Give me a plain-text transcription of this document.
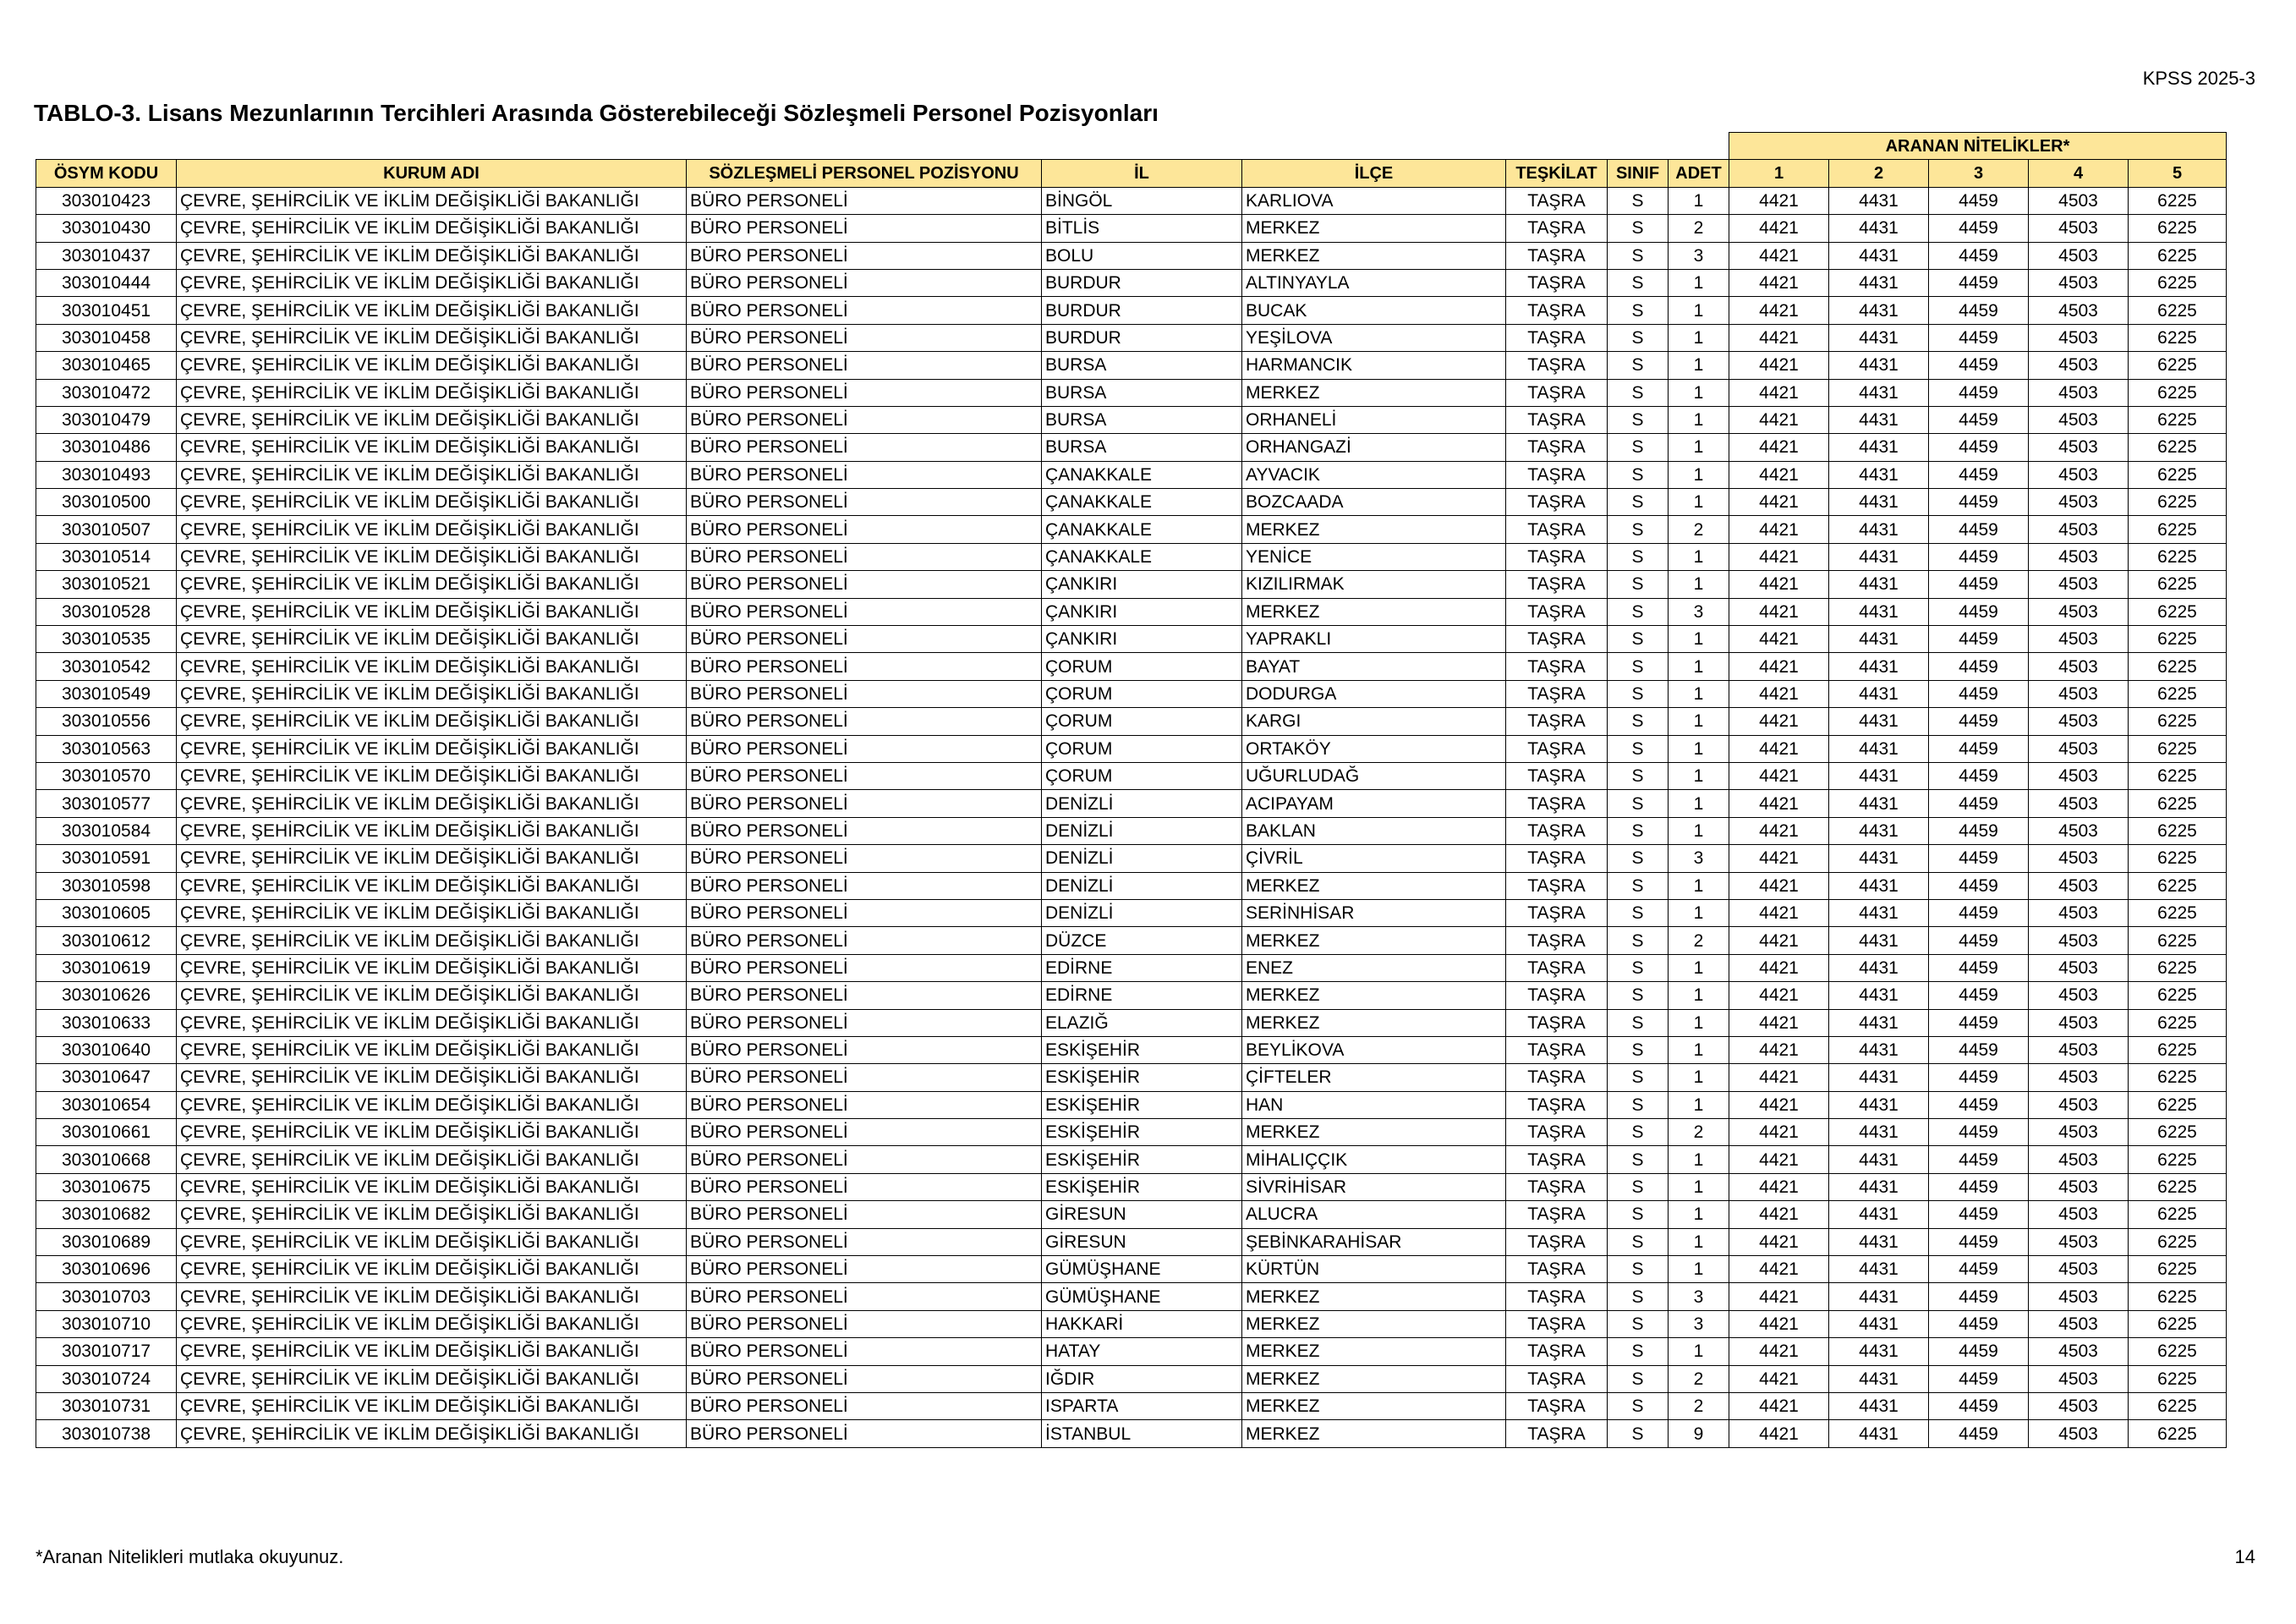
KPSS 2025-3
TABLO-3. Lisans Mezunlarının Tercihleri Arasında Gösterebileceği Sözleşmeli Personel Pozisyonları
								ARANAN NİTELİKLER*				
ÖSYM KODU	KURUM ADI	SÖZLEŞMELİ PERSONEL POZİSYONU	İL	İLÇE	TEŞKİLAT	SINIF	ADET	1	2	3	4	5
303010423	ÇEVRE, ŞEHİRCİLİK VE İKLİM DEĞİŞİKLİĞİ BAKANLIĞI	BÜRO PERSONELİ	BİNGÖL	KARLIOVA	TAŞRA	S	1	4421	4431	4459	4503	6225
303010430	ÇEVRE, ŞEHİRCİLİK VE İKLİM DEĞİŞİKLİĞİ BAKANLIĞI	BÜRO PERSONELİ	BİTLİS	MERKEZ	TAŞRA	S	2	4421	4431	4459	4503	6225
303010437	ÇEVRE, ŞEHİRCİLİK VE İKLİM DEĞİŞİKLİĞİ BAKANLIĞI	BÜRO PERSONELİ	BOLU	MERKEZ	TAŞRA	S	3	4421	4431	4459	4503	6225
303010444	ÇEVRE, ŞEHİRCİLİK VE İKLİM DEĞİŞİKLİĞİ BAKANLIĞI	BÜRO PERSONELİ	BURDUR	ALTINYAYLA	TAŞRA	S	1	4421	4431	4459	4503	6225
303010451	ÇEVRE, ŞEHİRCİLİK VE İKLİM DEĞİŞİKLİĞİ BAKANLIĞI	BÜRO PERSONELİ	BURDUR	BUCAK	TAŞRA	S	1	4421	4431	4459	4503	6225
303010458	ÇEVRE, ŞEHİRCİLİK VE İKLİM DEĞİŞİKLİĞİ BAKANLIĞI	BÜRO PERSONELİ	BURDUR	YEŞİLOVA	TAŞRA	S	1	4421	4431	4459	4503	6225
303010465	ÇEVRE, ŞEHİRCİLİK VE İKLİM DEĞİŞİKLİĞİ BAKANLIĞI	BÜRO PERSONELİ	BURSA	HARMANCIK	TAŞRA	S	1	4421	4431	4459	4503	6225
303010472	ÇEVRE, ŞEHİRCİLİK VE İKLİM DEĞİŞİKLİĞİ BAKANLIĞI	BÜRO PERSONELİ	BURSA	MERKEZ	TAŞRA	S	1	4421	4431	4459	4503	6225
303010479	ÇEVRE, ŞEHİRCİLİK VE İKLİM DEĞİŞİKLİĞİ BAKANLIĞI	BÜRO PERSONELİ	BURSA	ORHANELİ	TAŞRA	S	1	4421	4431	4459	4503	6225
303010486	ÇEVRE, ŞEHİRCİLİK VE İKLİM DEĞİŞİKLİĞİ BAKANLIĞI	BÜRO PERSONELİ	BURSA	ORHANGAZİ	TAŞRA	S	1	4421	4431	4459	4503	6225
303010493	ÇEVRE, ŞEHİRCİLİK VE İKLİM DEĞİŞİKLİĞİ BAKANLIĞI	BÜRO PERSONELİ	ÇANAKKALE	AYVACIK	TAŞRA	S	1	4421	4431	4459	4503	6225
303010500	ÇEVRE, ŞEHİRCİLİK VE İKLİM DEĞİŞİKLİĞİ BAKANLIĞI	BÜRO PERSONELİ	ÇANAKKALE	BOZCAADA	TAŞRA	S	1	4421	4431	4459	4503	6225
303010507	ÇEVRE, ŞEHİRCİLİK VE İKLİM DEĞİŞİKLİĞİ BAKANLIĞI	BÜRO PERSONELİ	ÇANAKKALE	MERKEZ	TAŞRA	S	2	4421	4431	4459	4503	6225
303010514	ÇEVRE, ŞEHİRCİLİK VE İKLİM DEĞİŞİKLİĞİ BAKANLIĞI	BÜRO PERSONELİ	ÇANAKKALE	YENİCE	TAŞRA	S	1	4421	4431	4459	4503	6225
303010521	ÇEVRE, ŞEHİRCİLİK VE İKLİM DEĞİŞİKLİĞİ BAKANLIĞI	BÜRO PERSONELİ	ÇANKIRI	KIZILIRMAK	TAŞRA	S	1	4421	4431	4459	4503	6225
303010528	ÇEVRE, ŞEHİRCİLİK VE İKLİM DEĞİŞİKLİĞİ BAKANLIĞI	BÜRO PERSONELİ	ÇANKIRI	MERKEZ	TAŞRA	S	3	4421	4431	4459	4503	6225
303010535	ÇEVRE, ŞEHİRCİLİK VE İKLİM DEĞİŞİKLİĞİ BAKANLIĞI	BÜRO PERSONELİ	ÇANKIRI	YAPRAKLI	TAŞRA	S	1	4421	4431	4459	4503	6225
303010542	ÇEVRE, ŞEHİRCİLİK VE İKLİM DEĞİŞİKLİĞİ BAKANLIĞI	BÜRO PERSONELİ	ÇORUM	BAYAT	TAŞRA	S	1	4421	4431	4459	4503	6225
303010549	ÇEVRE, ŞEHİRCİLİK VE İKLİM DEĞİŞİKLİĞİ BAKANLIĞI	BÜRO PERSONELİ	ÇORUM	DODURGA	TAŞRA	S	1	4421	4431	4459	4503	6225
303010556	ÇEVRE, ŞEHİRCİLİK VE İKLİM DEĞİŞİKLİĞİ BAKANLIĞI	BÜRO PERSONELİ	ÇORUM	KARGI	TAŞRA	S	1	4421	4431	4459	4503	6225
303010563	ÇEVRE, ŞEHİRCİLİK VE İKLİM DEĞİŞİKLİĞİ BAKANLIĞI	BÜRO PERSONELİ	ÇORUM	ORTAKÖY	TAŞRA	S	1	4421	4431	4459	4503	6225
303010570	ÇEVRE, ŞEHİRCİLİK VE İKLİM DEĞİŞİKLİĞİ BAKANLIĞI	BÜRO PERSONELİ	ÇORUM	UĞURLUDAĞ	TAŞRA	S	1	4421	4431	4459	4503	6225
303010577	ÇEVRE, ŞEHİRCİLİK VE İKLİM DEĞİŞİKLİĞİ BAKANLIĞI	BÜRO PERSONELİ	DENİZLİ	ACIPAYAM	TAŞRA	S	1	4421	4431	4459	4503	6225
303010584	ÇEVRE, ŞEHİRCİLİK VE İKLİM DEĞİŞİKLİĞİ BAKANLIĞI	BÜRO PERSONELİ	DENİZLİ	BAKLAN	TAŞRA	S	1	4421	4431	4459	4503	6225
303010591	ÇEVRE, ŞEHİRCİLİK VE İKLİM DEĞİŞİKLİĞİ BAKANLIĞI	BÜRO PERSONELİ	DENİZLİ	ÇİVRİL	TAŞRA	S	3	4421	4431	4459	4503	6225
303010598	ÇEVRE, ŞEHİRCİLİK VE İKLİM DEĞİŞİKLİĞİ BAKANLIĞI	BÜRO PERSONELİ	DENİZLİ	MERKEZ	TAŞRA	S	1	4421	4431	4459	4503	6225
303010605	ÇEVRE, ŞEHİRCİLİK VE İKLİM DEĞİŞİKLİĞİ BAKANLIĞI	BÜRO PERSONELİ	DENİZLİ	SERİNHİSAR	TAŞRA	S	1	4421	4431	4459	4503	6225
303010612	ÇEVRE, ŞEHİRCİLİK VE İKLİM DEĞİŞİKLİĞİ BAKANLIĞI	BÜRO PERSONELİ	DÜZCE	MERKEZ	TAŞRA	S	2	4421	4431	4459	4503	6225
303010619	ÇEVRE, ŞEHİRCİLİK VE İKLİM DEĞİŞİKLİĞİ BAKANLIĞI	BÜRO PERSONELİ	EDİRNE	ENEZ	TAŞRA	S	1	4421	4431	4459	4503	6225
303010626	ÇEVRE, ŞEHİRCİLİK VE İKLİM DEĞİŞİKLİĞİ BAKANLIĞI	BÜRO PERSONELİ	EDİRNE	MERKEZ	TAŞRA	S	1	4421	4431	4459	4503	6225
303010633	ÇEVRE, ŞEHİRCİLİK VE İKLİM DEĞİŞİKLİĞİ BAKANLIĞI	BÜRO PERSONELİ	ELAZIĞ	MERKEZ	TAŞRA	S	1	4421	4431	4459	4503	6225
303010640	ÇEVRE, ŞEHİRCİLİK VE İKLİM DEĞİŞİKLİĞİ BAKANLIĞI	BÜRO PERSONELİ	ESKİŞEHİR	BEYLİKOVA	TAŞRA	S	1	4421	4431	4459	4503	6225
303010647	ÇEVRE, ŞEHİRCİLİK VE İKLİM DEĞİŞİKLİĞİ BAKANLIĞI	BÜRO PERSONELİ	ESKİŞEHİR	ÇİFTELER	TAŞRA	S	1	4421	4431	4459	4503	6225
303010654	ÇEVRE, ŞEHİRCİLİK VE İKLİM DEĞİŞİKLİĞİ BAKANLIĞI	BÜRO PERSONELİ	ESKİŞEHİR	HAN	TAŞRA	S	1	4421	4431	4459	4503	6225
303010661	ÇEVRE, ŞEHİRCİLİK VE İKLİM DEĞİŞİKLİĞİ BAKANLIĞI	BÜRO PERSONELİ	ESKİŞEHİR	MERKEZ	TAŞRA	S	2	4421	4431	4459	4503	6225
303010668	ÇEVRE, ŞEHİRCİLİK VE İKLİM DEĞİŞİKLİĞİ BAKANLIĞI	BÜRO PERSONELİ	ESKİŞEHİR	MİHALIÇÇIK	TAŞRA	S	1	4421	4431	4459	4503	6225
303010675	ÇEVRE, ŞEHİRCİLİK VE İKLİM DEĞİŞİKLİĞİ BAKANLIĞI	BÜRO PERSONELİ	ESKİŞEHİR	SİVRİHİSAR	TAŞRA	S	1	4421	4431	4459	4503	6225
303010682	ÇEVRE, ŞEHİRCİLİK VE İKLİM DEĞİŞİKLİĞİ BAKANLIĞI	BÜRO PERSONELİ	GİRESUN	ALUCRA	TAŞRA	S	1	4421	4431	4459	4503	6225
303010689	ÇEVRE, ŞEHİRCİLİK VE İKLİM DEĞİŞİKLİĞİ BAKANLIĞI	BÜRO PERSONELİ	GİRESUN	ŞEBİNKARAHİSAR	TAŞRA	S	1	4421	4431	4459	4503	6225
303010696	ÇEVRE, ŞEHİRCİLİK VE İKLİM DEĞİŞİKLİĞİ BAKANLIĞI	BÜRO PERSONELİ	GÜMÜŞHANE	KÜRTÜN	TAŞRA	S	1	4421	4431	4459	4503	6225
303010703	ÇEVRE, ŞEHİRCİLİK VE İKLİM DEĞİŞİKLİĞİ BAKANLIĞI	BÜRO PERSONELİ	GÜMÜŞHANE	MERKEZ	TAŞRA	S	3	4421	4431	4459	4503	6225
303010710	ÇEVRE, ŞEHİRCİLİK VE İKLİM DEĞİŞİKLİĞİ BAKANLIĞI	BÜRO PERSONELİ	HAKKARİ	MERKEZ	TAŞRA	S	3	4421	4431	4459	4503	6225
303010717	ÇEVRE, ŞEHİRCİLİK VE İKLİM DEĞİŞİKLİĞİ BAKANLIĞI	BÜRO PERSONELİ	HATAY	MERKEZ	TAŞRA	S	1	4421	4431	4459	4503	6225
303010724	ÇEVRE, ŞEHİRCİLİK VE İKLİM DEĞİŞİKLİĞİ BAKANLIĞI	BÜRO PERSONELİ	IĞDIR	MERKEZ	TAŞRA	S	2	4421	4431	4459	4503	6225
303010731	ÇEVRE, ŞEHİRCİLİK VE İKLİM DEĞİŞİKLİĞİ BAKANLIĞI	BÜRO PERSONELİ	ISPARTA	MERKEZ	TAŞRA	S	2	4421	4431	4459	4503	6225
303010738	ÇEVRE, ŞEHİRCİLİK VE İKLİM DEĞİŞİKLİĞİ BAKANLIĞI	BÜRO PERSONELİ	İSTANBUL	MERKEZ	TAŞRA	S	9	4421	4431	4459	4503	6225
*Aranan Nitelikleri mutlaka okuyunuz.	14
